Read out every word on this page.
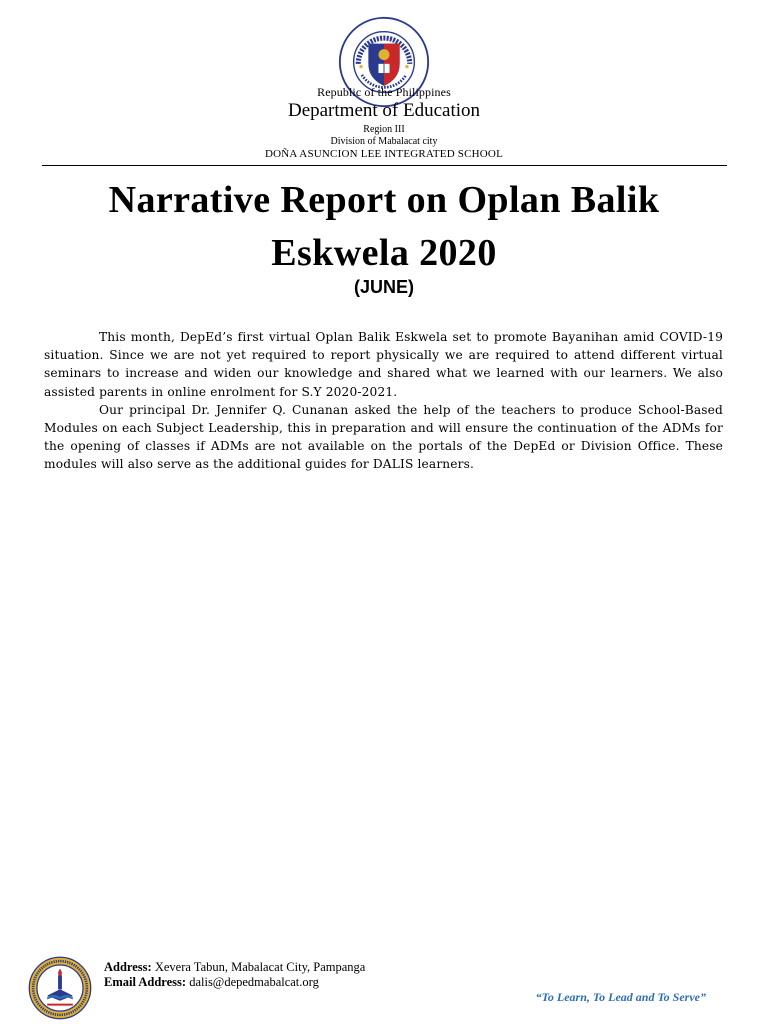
Republic of the Philippines
Department of Education
Region III
Division of Mabalacat city
DOÑA ASUNCION LEE INTEGRATED SCHOOL
Narrative Report on Oplan Balik Eskwela 2020
(JUNE)

This month, DepEd’s first virtual Oplan Balik Eskwela set to promote Bayanihan amid COVID-19 situation. Since we are not yet required to report physically we are required to attend different virtual seminars to increase and widen our knowledge and shared what we learned with our learners. We also assisted parents in online enrolment for S.Y 2020-2021.

Our principal Dr. Jennifer Q. Cunanan asked the help of the teachers to produce School-Based Modules on each Subject Leadership, this in preparation and will ensure the continuation of the ADMs for the opening of classes if ADMs are not available on the portals of the DepEd or Division Office. These modules will also serve as the additional guides for DALIS learners.

Address: Xevera Tabun, Mabalacat City, Pampanga
Email Address: dalis@depedmabalcat.org
“To Learn, To Lead and To Serve”
